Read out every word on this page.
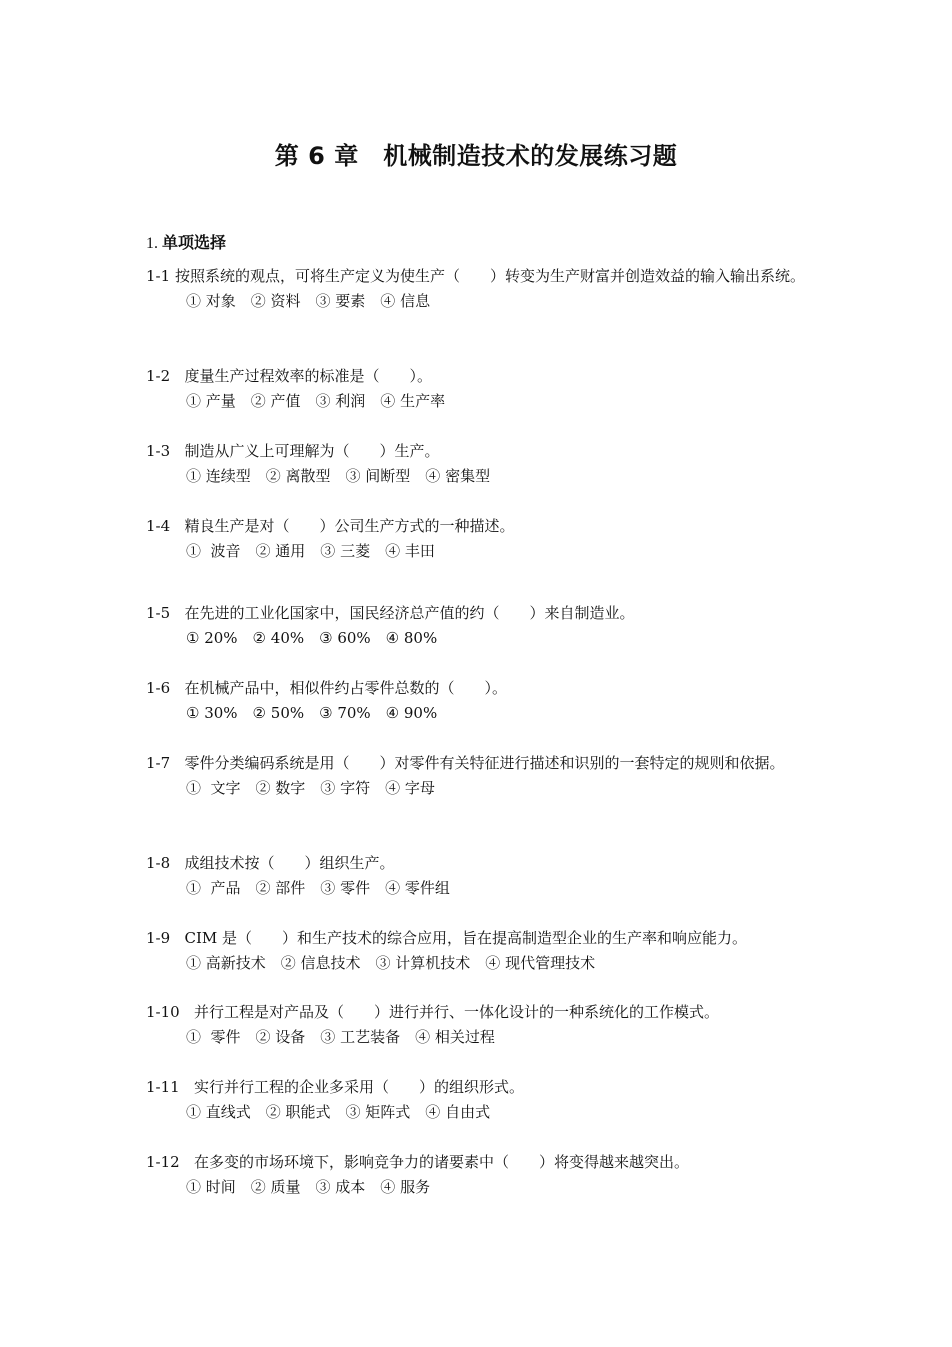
第 6 章　机械制造技术的发展练习题
1. 单项选择
1-1 按照系统的观点，可将生产定义为使生产（　　）转变为生产财富并创造效益的输入输出系统。
① 对象　② 资料　③ 要素　④ 信息
1-2 度量生产过程效率的标准是（　　）。
① 产量　② 产值　③ 利润　④ 生产率
1-3 制造从广义上可理解为（　　）生产。
① 连续型　② 离散型　③ 间断型　④ 密集型
1-4 精良生产是对（　　）公司生产方式的一种描述。
①  波音　② 通用　③ 三菱　④ 丰田
1-5 在先进的工业化国家中，国民经济总产值的约（　　）来自制造业。
① 20%　② 40%　③ 60%　④ 80%
1-6 在机械产品中，相似件约占零件总数的（　　）。
① 30%　② 50%　③ 70%　④ 90%
1-7 零件分类编码系统是用（　　）对零件有关特征进行描述和识别的一套特定的规则和依据。
①  文字　② 数字　③ 字符　④ 字母
1-8 成组技术按（　　）组织生产。
①  产品　② 部件　③ 零件　④ 零件组
1-9 CIM 是（　　）和生产技术的综合应用，旨在提高制造型企业的生产率和响应能力。
① 高新技术　② 信息技术　③ 计算机技术　④ 现代管理技术
1-10 并行工程是对产品及（　　）进行并行、一体化设计的一种系统化的工作模式。
①  零件　② 设备　③ 工艺装备　④ 相关过程
1-11 实行并行工程的企业多采用（　　）的组织形式。
① 直线式　② 职能式　③ 矩阵式　④ 自由式
1-12 在多变的市场环境下，影响竞争力的诸要素中（　　）将变得越来越突出。
① 时间　② 质量　③ 成本　④ 服务
